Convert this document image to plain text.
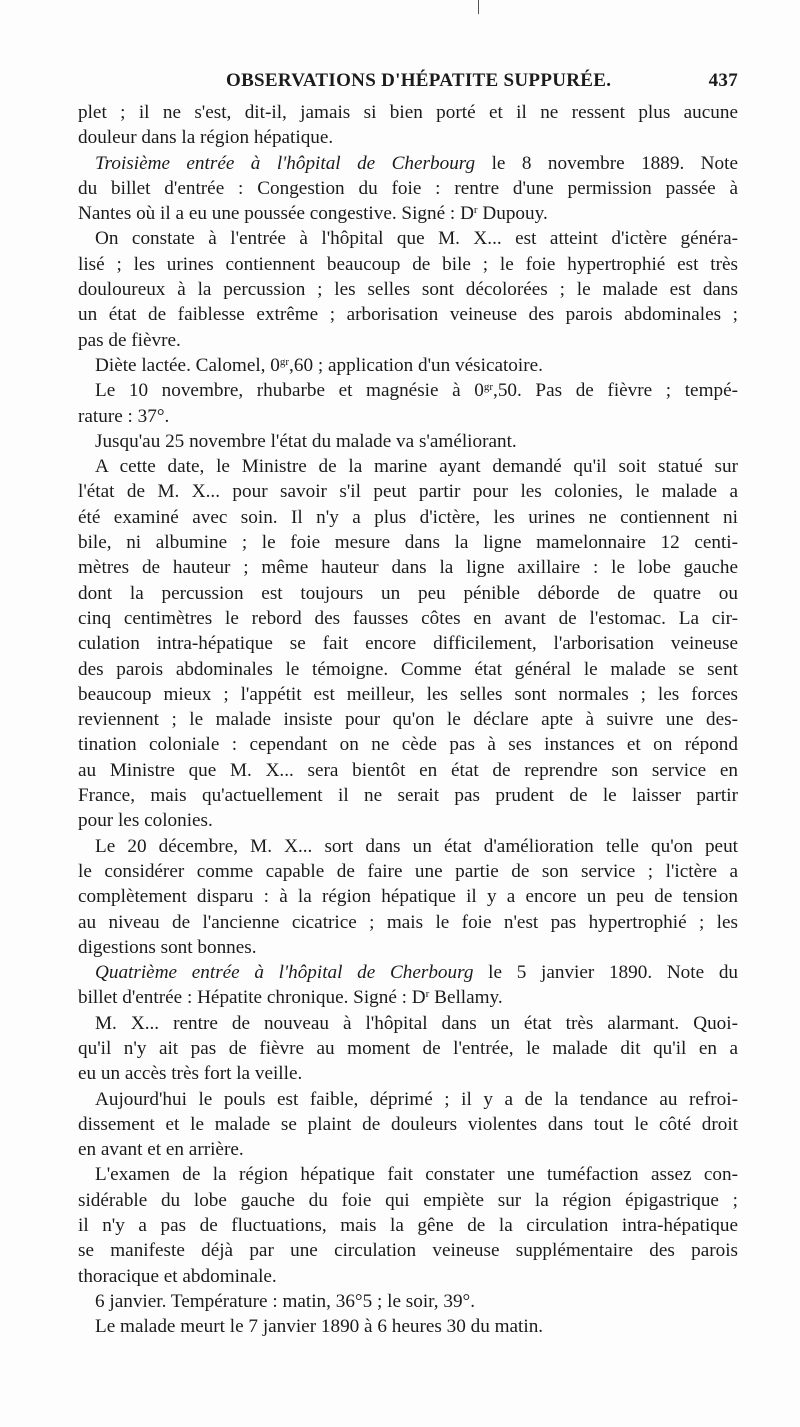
OBSERVATIONS D'HÉPATITE SUPPURÉE.	437
plet ; il ne s'est, dit-il, jamais si bien porté et il ne ressent plus aucune
douleur dans la région hépatique.
Troisième entrée à l'hôpital de Cherbourg le 8 novembre 1889. Note
du billet d'entrée : Congestion du foie : rentre d'une permission passée à
Nantes où il a eu une poussée congestive. Signé : $D^r$ Dupouy.
On constate à l'entrée à l'hôpital que M. X... est atteint d'ictère généra-
lisé ; les urines contiennent beaucoup de bile ; le foie hypertrophié est très
douloureux à la percussion ; les selles sont décolorées ; le malade est dans
un état de faiblesse extrême ; arborisation veineuse des parois abdominales ;
pas de fièvre.
Diète lactée. Calomel, $0^{gr},60$ ; application d'un vésicatoire.
Le 10 novembre, rhubarbe et magnésie à $0^{gr},50$. Pas de fièvre ; tempé-
rature : 37°.
Jusqu'au 25 novembre l'état du malade va s'améliorant.
A cette date, le Ministre de la marine ayant demandé qu'il soit statué sur
l'état de M. X... pour savoir s'il peut partir pour les colonies, le malade a
été examiné avec soin. Il n'y a plus d'ictère, les urines ne contiennent ni
bile, ni albumine ; le foie mesure dans la ligne mamelonnaire 12 centi-
mètres de hauteur ; même hauteur dans la ligne axillaire : le lobe gauche
dont la percussion est toujours un peu pénible déborde de quatre ou
cinq centimètres le rebord des fausses côtes en avant de l'estomac. La cir-
culation intra-hépatique se fait encore difficilement, l'arborisation veineuse
des parois abdominales le témoigne. Comme état général le malade se sent
beaucoup mieux ; l'appétit est meilleur, les selles sont normales ; les forces
reviennent ; le malade insiste pour qu'on le déclare apte à suivre une des-
tination coloniale : cependant on ne cède pas à ses instances et on répond
au Ministre que M. X... sera bientôt en état de reprendre son service en
France, mais qu'actuellement il ne serait pas prudent de le laisser partir
pour les colonies.
Le 20 décembre, M. X... sort dans un état d'amélioration telle qu'on peut
le considérer comme capable de faire une partie de son service ; l'ictère a
complètement disparu : à la région hépatique il y a encore un peu de tension
au niveau de l'ancienne cicatrice ; mais le foie n'est pas hypertrophié ; les
digestions sont bonnes.
Quatrième entrée à l'hôpital de Cherbourg le 5 janvier 1890. Note du
billet d'entrée : Hépatite chronique. Signé : $D^r$ Bellamy.
M. X... rentre de nouveau à l'hôpital dans un état très alarmant. Quoi-
qu'il n'y ait pas de fièvre au moment de l'entrée, le malade dit qu'il en a
eu un accès très fort la veille.
Aujourd'hui le pouls est faible, déprimé ; il y a de la tendance au refroi-
dissement et le malade se plaint de douleurs violentes dans tout le côté droit
en avant et en arrière.
L'examen de la région hépatique fait constater une tuméfaction assez con-
sidérable du lobe gauche du foie qui empiète sur la région épigastrique ;
il n'y a pas de fluctuations, mais la gêne de la circulation intra-hépatique
se manifeste déjà par une circulation veineuse supplémentaire des parois
thoracique et abdominale.
6 janvier. Température : matin, 36°5 ; le soir, 39°.
Le malade meurt le 7 janvier 1890 à 6 heures 30 du matin.
